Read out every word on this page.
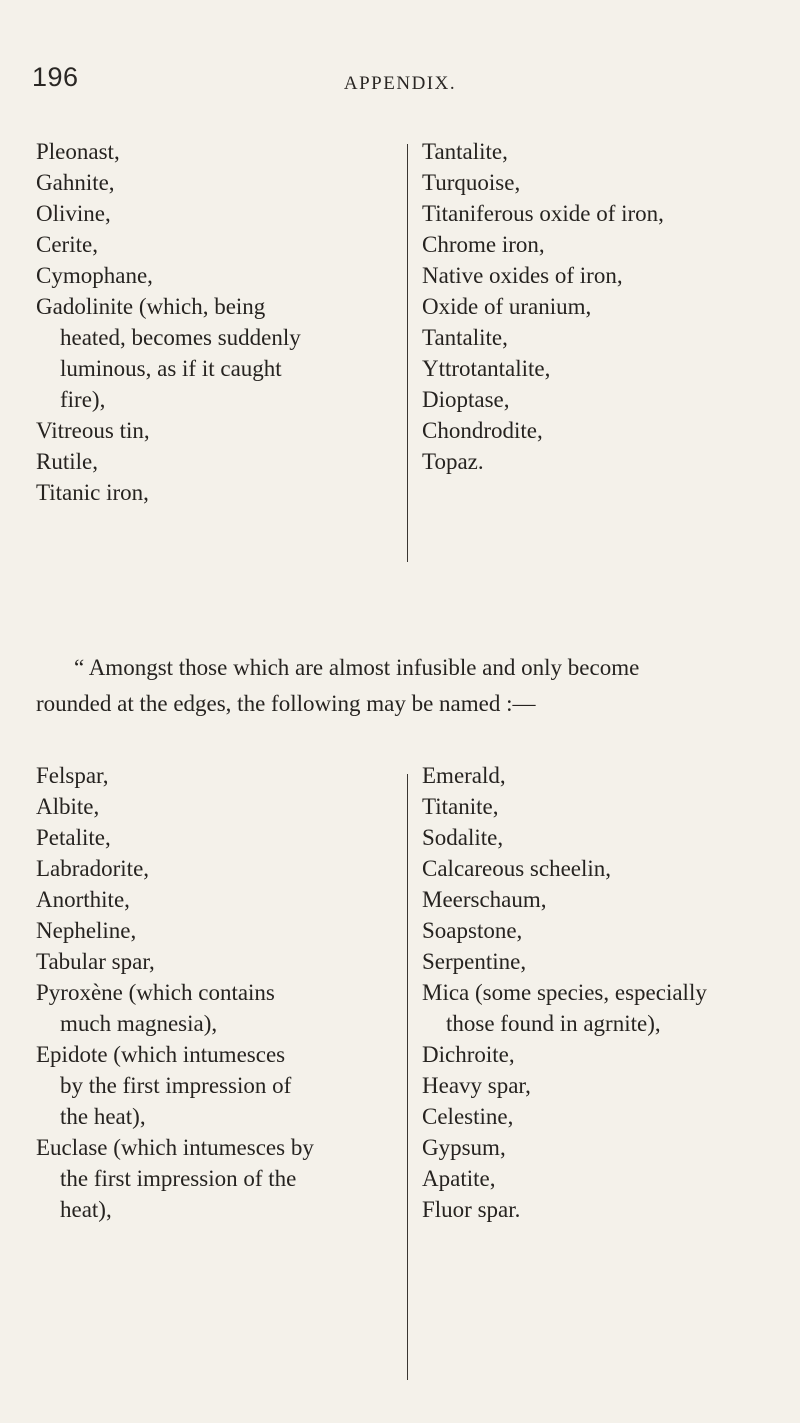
196	APPENDIX.
Pleonast,
Gahnite,
Olivine,
Cerite,
Cymophane,
Gadolinite (which, being
heated, becomes suddenly
luminous, as if it caught
fire),
Vitreous tin,
Rutile,
Titanic iron,
Tantalite,
Turquoise,
Titaniferous oxide of iron,
Chrome iron,
Native oxides of iron,
Oxide of uranium,
Tantalite,
Yttrotantalite,
Dioptase,
Chondrodite,
Topaz.
“ Amongst those which are almost infusible and only become
rounded at the edges, the following may be named :—
Felspar,
Albite,
Petalite,
Labradorite,
Anorthite,
Nepheline,
Tabular spar,
Pyroxène (which contains
much magnesia),
Epidote (which intumesces
by the first impression of
the heat),
Euclase (which intumesces by
the first impression of the
heat),
Emerald,
Titanite,
Sodalite,
Calcareous scheelin,
Meerschaum,
Soapstone,
Serpentine,
Mica (some species, especially
those found in agrnite),
Dichroite,
Heavy spar,
Celestine,
Gypsum,
Apatite,
Fluor spar.
